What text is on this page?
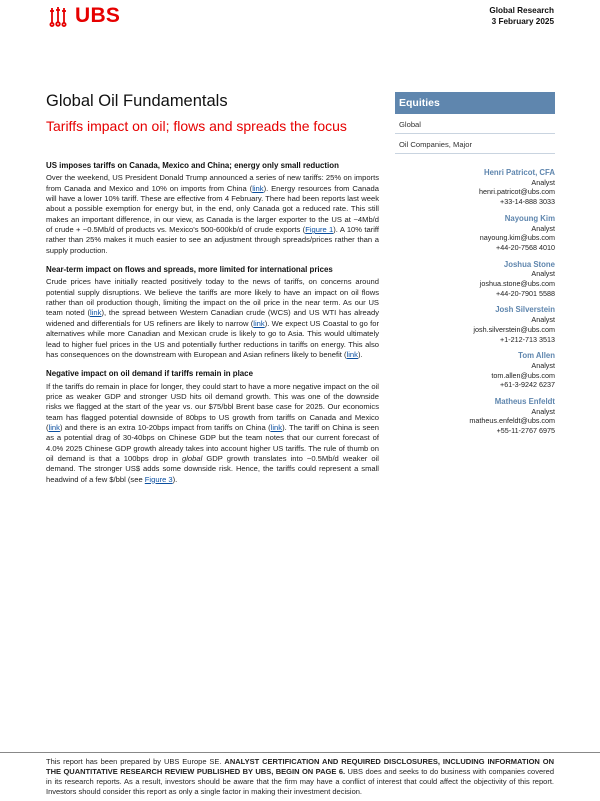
UBS	Global Research
3 February 2025
Global Oil Fundamentals
Tariffs impact on oil; flows and spreads the focus
Equities
Global
Oil Companies, Major
Henri Patricot, CFA
Analyst
henri.patricot@ubs.com
+33-14-888 3033
Nayoung Kim
Analyst
nayoung.kim@ubs.com
+44-20-7568 4010
Joshua Stone
Analyst
joshua.stone@ubs.com
+44-20-7901 5588
Josh Silverstein
Analyst
josh.silverstein@ubs.com
+1-212-713 3513
Tom Allen
Analyst
tom.allen@ubs.com
+61-3-9242 6237
Matheus Enfeldt
Analyst
matheus.enfeldt@ubs.com
+55-11-2767 6975
US imposes tariffs on Canada, Mexico and China; energy only small reduction

Over the weekend, US President Donald Trump announced a series of new tariffs: 25% on imports from Canada and Mexico and 10% on imports from China (link). Energy resources from Canada will have a lower 10% tariff. These are effective from 4 February. There had been reports last week about a possible exemption for energy but, in the end, only Canada got a reduced rate. This still makes an important difference, in our view, as Canada is the larger exporter to the US at ~4Mb/d of crude + ~0.5Mb/d of products vs. Mexico's 500-600kb/d of crude exports (Figure 1). A 10% tariff rather than 25% makes it much easier to see an adjustment through spreads/prices rather than a supply production.

Near-term impact on flows and spreads, more limited for international prices

Crude prices have initially reacted positively today to the news of tariffs, on concerns around potential supply disruptions. We believe the tariffs are more likely to have an impact on oil flows rather than oil production though, limiting the impact on the oil price in the near term. As our US team noted (link), the spread between Western Canadian crude (WCS) and US WTI has already widened and differentials for US refiners are likely to narrow (link). We expect US Coastal to go for alternatives while more Canadian and Mexican crude is likely to go to Asia. This would ultimately lead to higher fuel prices in the US and potentially further reductions in tariffs on energy. This also has consequences on the downstream with European and Asian refiners likely to benefit (link).

Negative impact on oil demand if tariffs remain in place

If the tariffs do remain in place for longer, they could start to have a more negative impact on the oil price as weaker GDP and stronger USD hits oil demand growth. This was one of the downside risks we flagged at the start of the year vs. our $75/bbl Brent base case for 2025. Our economics team has flagged potential downside of 80bps to US growth from tariffs on Canada and Mexico (link) and there is an extra 10-20bps impact from tariffs on China (link). The tariff on China is seen as a potential drag of 30-40bps on Chinese GDP but the team notes that our current forecast of 4.0% 2025 Chinese GDP growth already takes into account higher US tariffs. The rule of thumb on oil demand is that a 100bps drop in global GDP growth translates into ~0.5Mb/d weaker oil demand. The stronger US$ adds some downside risk. Hence, the tariffs could represent a small headwind of a few $/bbl (see Figure 3).

This report has been prepared by UBS Europe SE. ANALYST CERTIFICATION AND REQUIRED DISCLOSURES, INCLUDING INFORMATION ON THE QUANTITATIVE RESEARCH REVIEW PUBLISHED BY UBS, BEGIN ON PAGE 6. UBS does and seeks to do business with companies covered in its research reports. As a result, investors should be aware that the firm may have a conflict of interest that could affect the objectivity of this report. Investors should consider this report as only a single factor in making their investment decision.
